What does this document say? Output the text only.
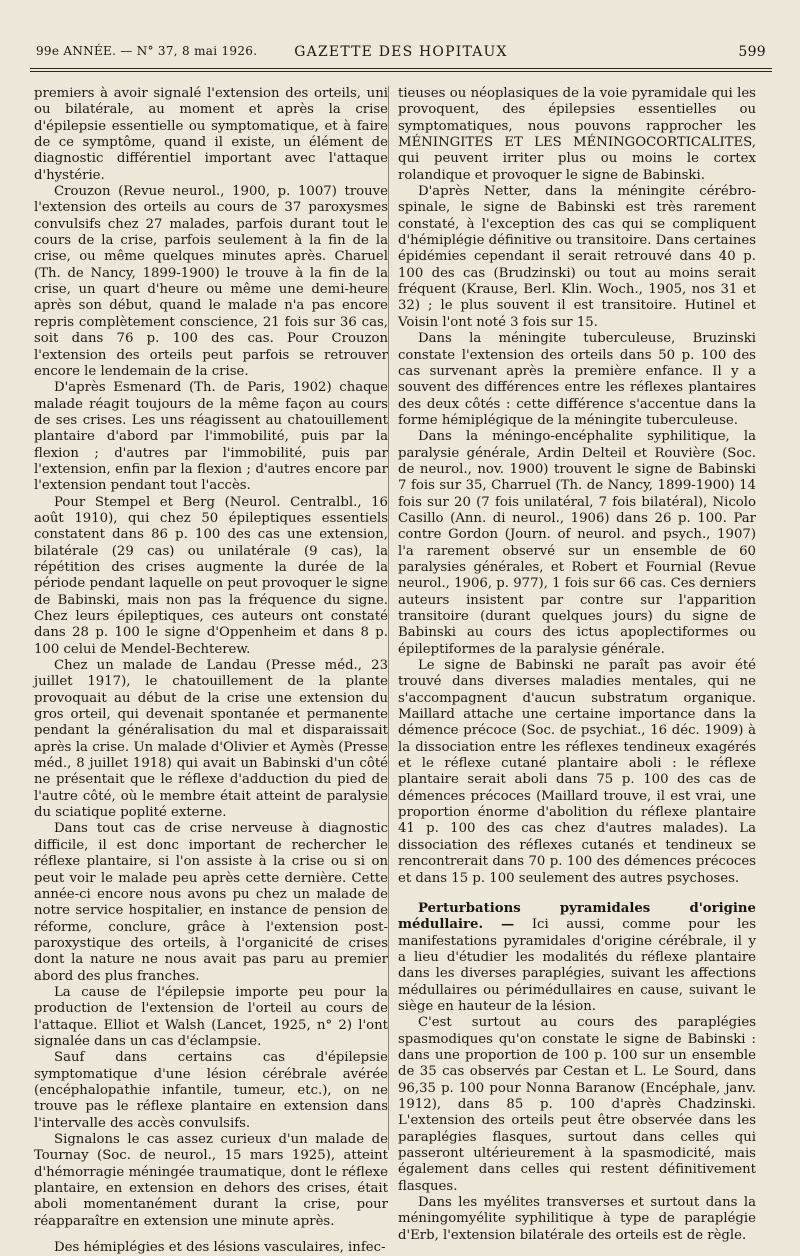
99e ANNÉE. — N° 37, 8 mai 1926.	GAZETTE DES HOPITAUX	599

premiers à avoir signalé l'extension des orteils, uni ou bilatérale, au moment et après la crise d'épilepsie essentielle ou symptomatique, et à faire de ce symptôme, quand il existe, un élément de diagnostic différentiel important avec l'attaque d'hystérie.

Crouzon (Revue neurol., 1900, p. 1007) trouve l'extension des orteils au cours de 37 paroxysmes convulsifs chez 27 malades, parfois durant tout le cours de la crise, parfois seulement à la fin de la crise, ou même quelques minutes après. Charuel (Th. de Nancy, 1899-1900) le trouve à la fin de la crise, un quart d'heure ou même une demi-heure après son début, quand le malade n'a pas encore repris complètement conscience, 21 fois sur 36 cas, soit dans 76 p. 100 des cas. Pour Crouzon l'extension des orteils peut parfois se retrouver encore le lendemain de la crise.

D'après Esmenard (Th. de Paris, 1902) chaque malade réagit toujours de la même façon au cours de ses crises. Les uns réagissent au chatouillement plantaire d'abord par l'immobilité, puis par la flexion ; d'autres par l'immobilité, puis par l'extension, enfin par la flexion ; d'autres encore par l'extension pendant tout l'accès.

Pour Stempel et Berg (Neurol. Centralbl., 16 août 1910), qui chez 50 épileptiques essentiels constatent dans 86 p. 100 des cas une extension, bilatérale (29 cas) ou unilatérale (9 cas), la répétition des crises augmente la durée de la période pendant laquelle on peut provoquer le signe de Babinski, mais non pas la fréquence du signe. Chez leurs épileptiques, ces auteurs ont constaté dans 28 p. 100 le signe d'Oppenheim et dans 8 p. 100 celui de Mendel-Bechterew.

Chez un malade de Landau (Presse méd., 23 juillet 1917), le chatouillement de la plante provoquait au début de la crise une extension du gros orteil, qui devenait spontanée et permanente pendant la généralisation du mal et disparaissait après la crise. Un malade d'Olivier et Aymès (Presse méd., 8 juillet 1918) qui avait un Babinski d'un côté ne présentait que le réflexe d'adduction du pied de l'autre côté, où le membre était atteint de paralysie du sciatique poplité externe.

Dans tout cas de crise nerveuse à diagnostic difficile, il est donc important de rechercher le réflexe plantaire, si l'on assiste à la crise ou si on peut voir le malade peu après cette dernière. Cette année-ci encore nous avons pu chez un malade de notre service hospitalier, en instance de pension de réforme, conclure, grâce à l'extension post-paroxystique des orteils, à l'organicité de crises dont la nature ne nous avait pas paru au premier abord des plus franches.

La cause de l'épilepsie importe peu pour la production de l'extension de l'orteil au cours de l'attaque. Elliot et Walsh (Lancet, 1925, n° 2) l'ont signalée dans un cas d'éclampsie.

Sauf dans certains cas d'épilepsie symptomatique d'une lésion cérébrale avérée (encéphalopathie infantile, tumeur, etc.), on ne trouve pas le réflexe plantaire en extension dans l'intervalle des accès convulsifs.

Signalons le cas assez curieux d'un malade de Tournay (Soc. de neurol., 15 mars 1925), atteint d'hémorragie méningée traumatique, dont le réflexe plantaire, en extension en dehors des crises, était aboli momentanément durant la crise, pour réapparaître en extension une minute après.

Des hémiplégies et des lésions vasculaires, infec-

tieuses ou néoplasiques de la voie pyramidale qui les provoquent, des épilepsies essentielles ou symptomatiques, nous pouvons rapprocher les MÉNINGITES ET LES MÉNINGOCORTICALITES, qui peuvent irriter plus ou moins le cortex rolandique et provoquer le signe de Babinski.

D'après Netter, dans la méningite cérébro-spinale, le signe de Babinski est très rarement constaté, à l'exception des cas qui se compliquent d'hémiplégie définitive ou transitoire. Dans certaines épidémies cependant il serait retrouvé dans 40 p. 100 des cas (Brudzinski) ou tout au moins serait fréquent (Krause, Berl. Klin. Woch., 1905, nos 31 et 32) ; le plus souvent il est transitoire. Hutinel et Voisin l'ont noté 3 fois sur 15.

Dans la méningite tuberculeuse, Bruzinski constate l'extension des orteils dans 50 p. 100 des cas survenant après la première enfance. Il y a souvent des différences entre les réflexes plantaires des deux côtés : cette différence s'accentue dans la forme hémiplégique de la méningite tuberculeuse.

Dans la méningo-encéphalite syphilitique, la paralysie générale, Ardin Delteil et Rouvière (Soc. de neurol., nov. 1900) trouvent le signe de Babinski 7 fois sur 35, Charruel (Th. de Nancy, 1899-1900) 14 fois sur 20 (7 fois unilatéral, 7 fois bilatéral), Nicolo Casillo (Ann. di neurol., 1906) dans 26 p. 100. Par contre Gordon (Journ. of neurol. and psych., 1907) l'a rarement observé sur un ensemble de 60 paralysies générales, et Robert et Fournial (Revue neurol., 1906, p. 977), 1 fois sur 66 cas. Ces derniers auteurs insistent par contre sur l'apparition transitoire (durant quelques jours) du signe de Babinski au cours des ictus apoplectiformes ou épileptiformes de la paralysie générale.

Le signe de Babinski ne paraît pas avoir été trouvé dans diverses maladies mentales, qui ne s'accompagnent d'aucun substratum organique. Maillard attache une certaine importance dans la démence précoce (Soc. de psychiat., 16 déc. 1909) à la dissociation entre les réflexes tendineux exagérés et le réflexe cutané plantaire aboli : le réflexe plantaire serait aboli dans 75 p. 100 des cas de démences précoces (Maillard trouve, il est vrai, une proportion énorme d'abolition du réflexe plantaire 41 p. 100 des cas chez d'autres malades). La dissociation des réflexes cutanés et tendineux se rencontrerait dans 70 p. 100 des démences précoces et dans 15 p. 100 seulement des autres psychoses.

Perturbations pyramidales d'origine médullaire. — Ici aussi, comme pour les manifestations pyramidales d'origine cérébrale, il y a lieu d'étudier les modalités du réflexe plantaire dans les diverses paraplégies, suivant les affections médullaires ou périmédullaires en cause, suivant le siège en hauteur de la lésion.

C'est surtout au cours des paraplégies spasmodiques qu'on constate le signe de Babinski : dans une proportion de 100 p. 100 sur un ensemble de 35 cas observés par Cestan et L. Le Sourd, dans 96,35 p. 100 pour Nonna Baranow (Encéphale, janv. 1912), dans 85 p. 100 d'après Chadzinski. L'extension des orteils peut être observée dans les paraplégies flasques, surtout dans celles qui passeront ultérieurement à la spasmodicité, mais également dans celles qui restent définitivement flasques.

Dans les myélites transverses et surtout dans la méningomyélite syphilitique à type de paraplégie d'Erb, l'extension bilatérale des orteils est de règle.
